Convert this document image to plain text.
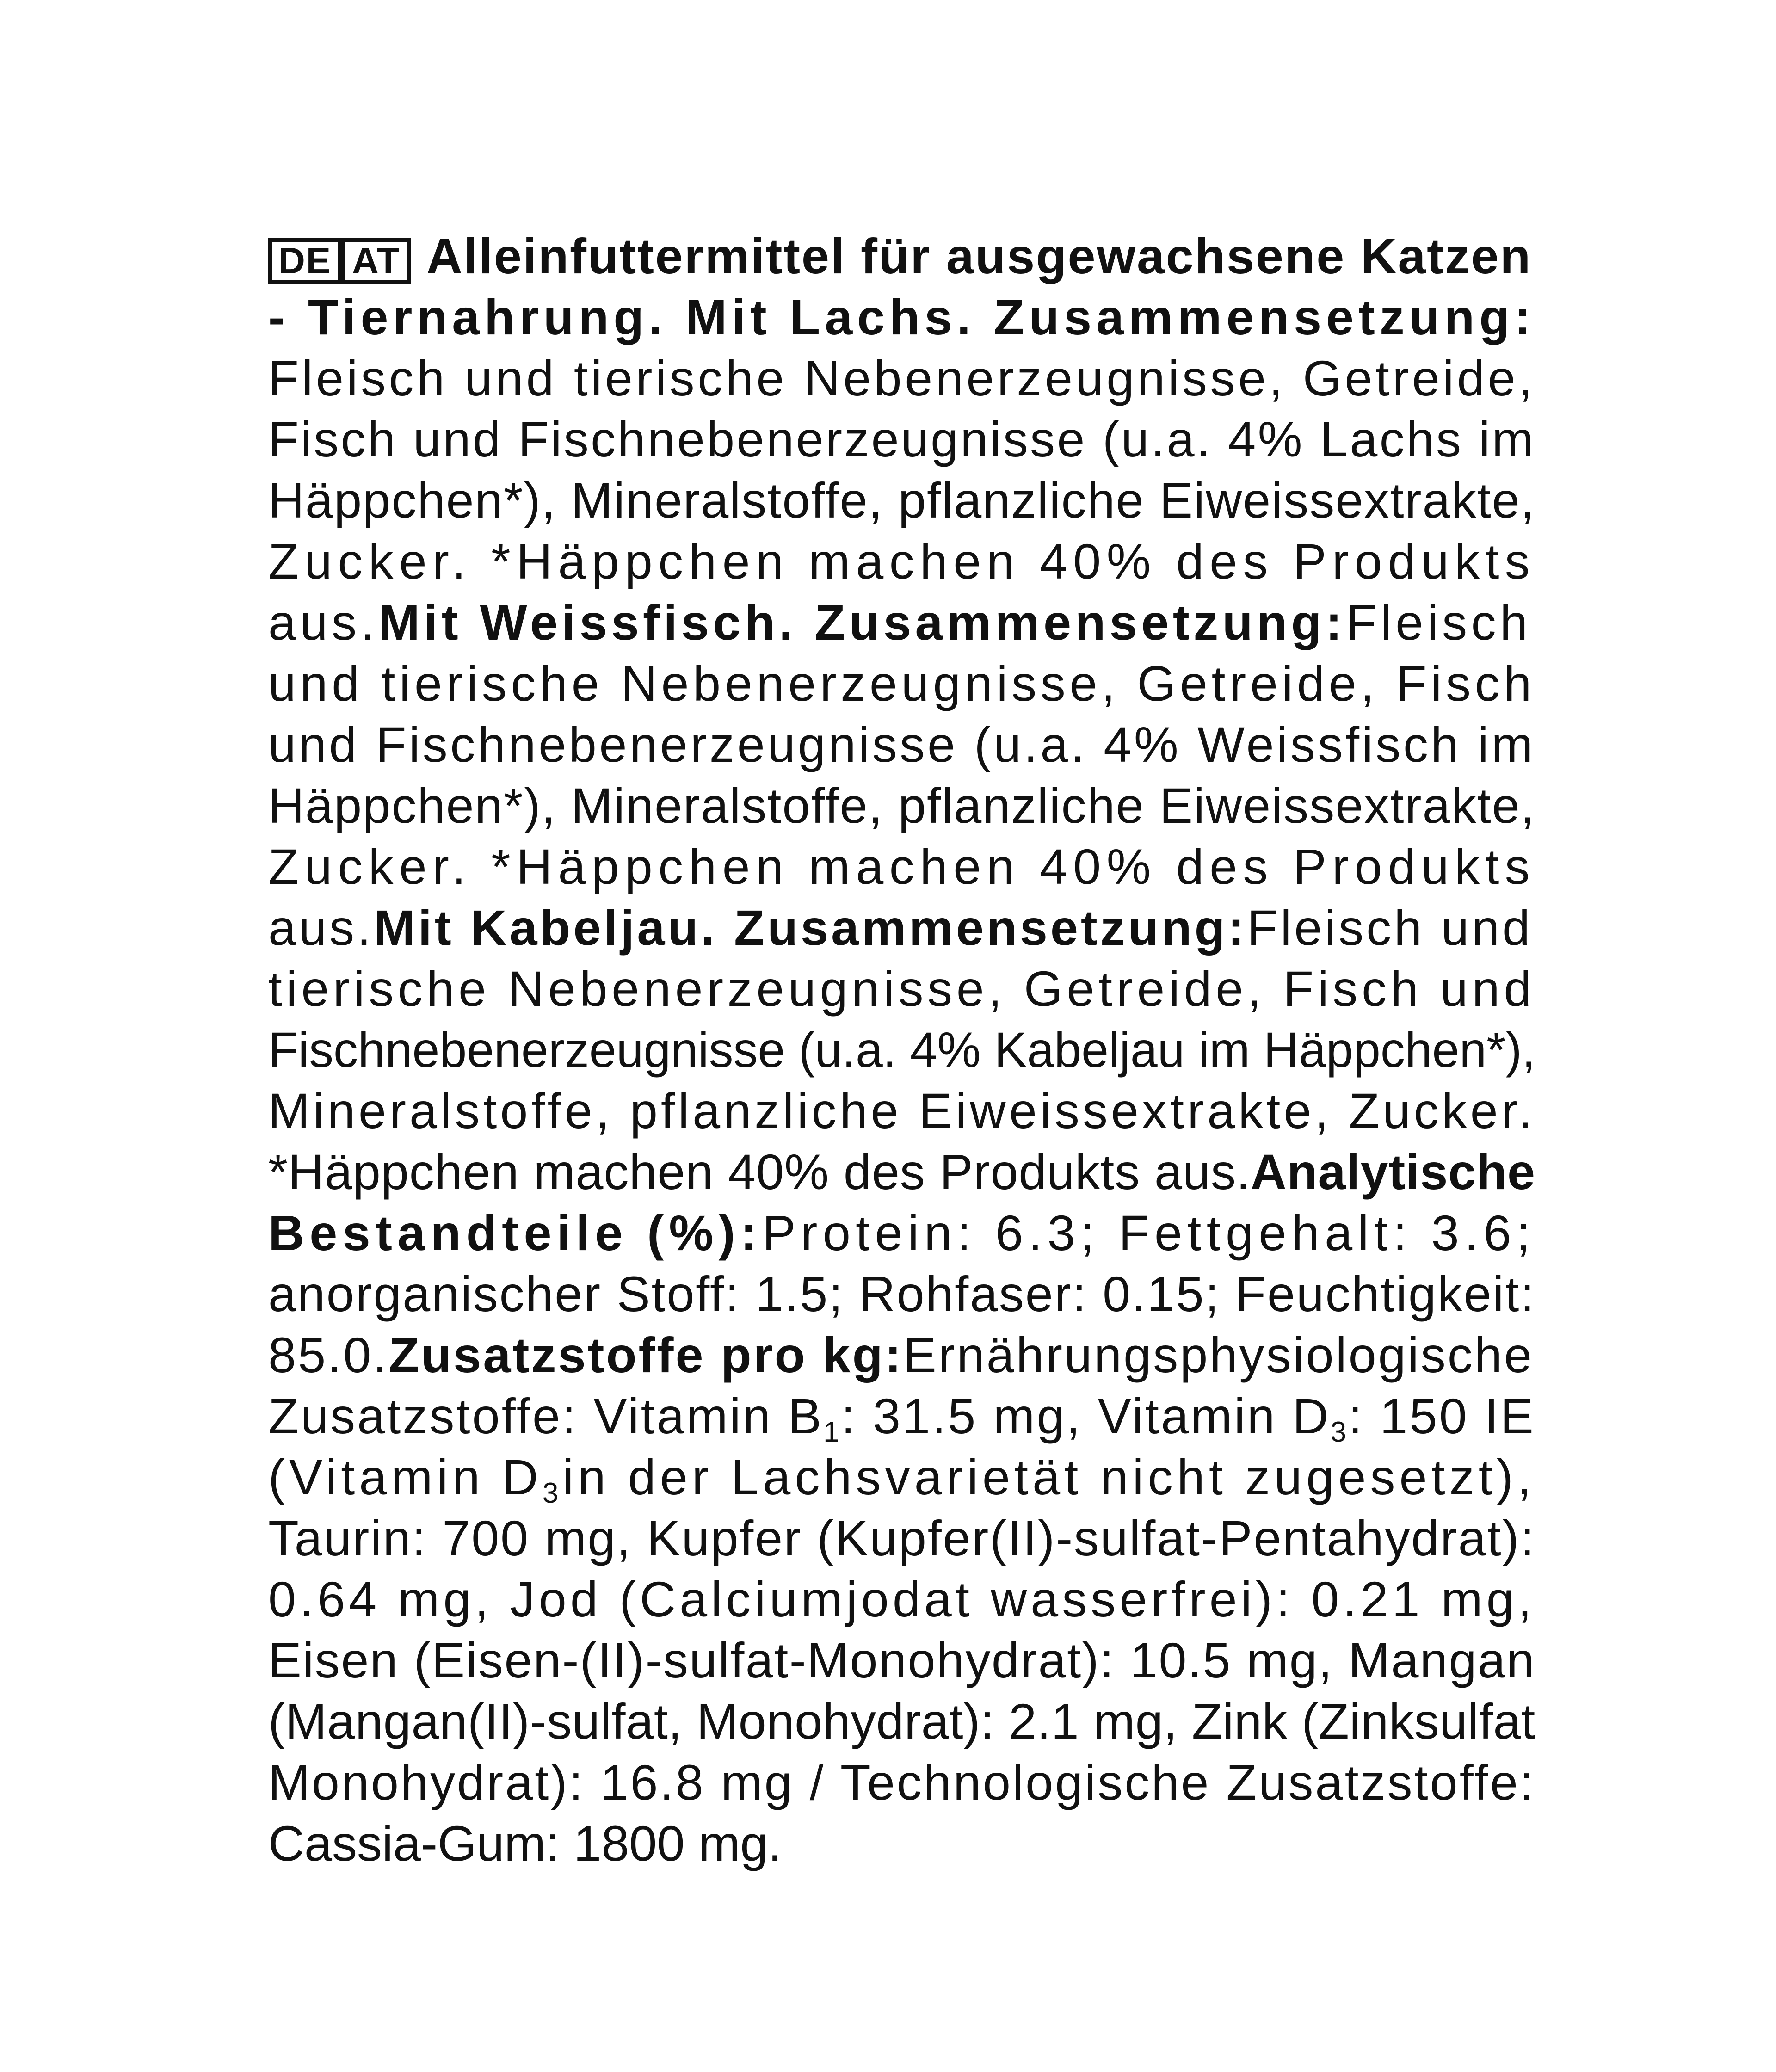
DE AT Alleinfuttermittel für ausgewachsene Katzen
- Tiernahrung. Mit Lachs. Zusammensetzung:
Fleisch und tierische Nebenerzeugnisse, Getreide,
Fisch und Fischnebenerzeugnisse (u.a. 4% Lachs im
Häppchen*), Mineralstoffe, pflanzliche Eiweissextrakte,
Zucker. *Häppchen machen 40% des Produkts
aus.Mit Weissfisch. Zusammensetzung:Fleisch
und tierische Nebenerzeugnisse, Getreide, Fisch
und Fischnebenerzeugnisse (u.a. 4% Weissfisch im
Häppchen*), Mineralstoffe, pflanzliche Eiweissextrakte,
Zucker. *Häppchen machen 40% des Produkts
aus.Mit Kabeljau. Zusammensetzung:Fleisch und
tierische Nebenerzeugnisse, Getreide, Fisch und
Fischnebenerzeugnisse (u.a. 4% Kabeljau im Häppchen*),
Mineralstoffe, pflanzliche Eiweissextrakte, Zucker.
*Häppchen machen 40% des Produkts aus.Analytische
Bestandteile (%):Protein: 6.3; Fettgehalt: 3.6;
anorganischer Stoff: 1.5; Rohfaser: 0.15; Feuchtigkeit:
85.0.Zusatzstoffe pro kg:Ernährungsphysiologische
Zusatzstoffe: Vitamin $B_1$: 31.5 mg, Vitamin $D_3$: 150 IE
(Vitamin $D_3in$ der Lachsvarietät nicht zugesetzt),
Taurin: 700 mg, Kupfer (Kupfer(II)-sulfat-Pentahydrat):
0.64 mg, Jod (Calciumjodat wasserfrei): 0.21 mg,
Eisen (Eisen-(II)-sulfat-Monohydrat): 10.5 mg, Mangan
(Mangan(II)-sulfat, Monohydrat): 2.1 mg, Zink (Zinksulfat
Monohydrat): 16.8 mg / Technologische Zusatzstoffe:
Cassia-Gum: 1800 mg.
